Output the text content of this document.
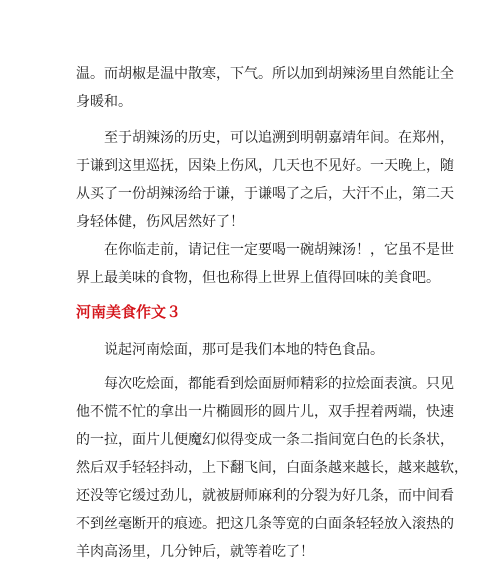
温。而胡椒是温中散寒，下气。所以加到胡辣汤里自然能让全
身暖和。
至于胡辣汤的历史，可以追溯到明朝嘉靖年间。在郑州，
于谦到这里巡抚，因染上伤风，几天也不见好。一天晚上，随
从买了一份胡辣汤给于谦，于谦喝了之后，大汗不止，第二天
身轻体健，伤风居然好了！
在你临走前，请记住一定要喝一碗胡辣汤！，它虽不是世
界上最美味的食物，但也称得上世界上值得回味的美食吧。
河南美食作文３
说起河南烩面，那可是我们本地的特色食品。
每次吃烩面，都能看到烩面厨师精彩的拉烩面表演。只见
他不慌不忙的拿出一片椭圆形的圆片儿，双手捏着两端，快速
的一拉，面片儿便魔幻似得变成一条二指间宽白色的长条状，
然后双手轻轻抖动，上下翻飞间，白面条越来越长，越来越软，
还没等它缓过劲儿，就被厨师麻利的分裂为好几条，而中间看
不到丝毫断开的痕迹。把这几条等宽的白面条轻轻放入滚热的
羊肉高汤里，几分钟后，就等着吃了！
